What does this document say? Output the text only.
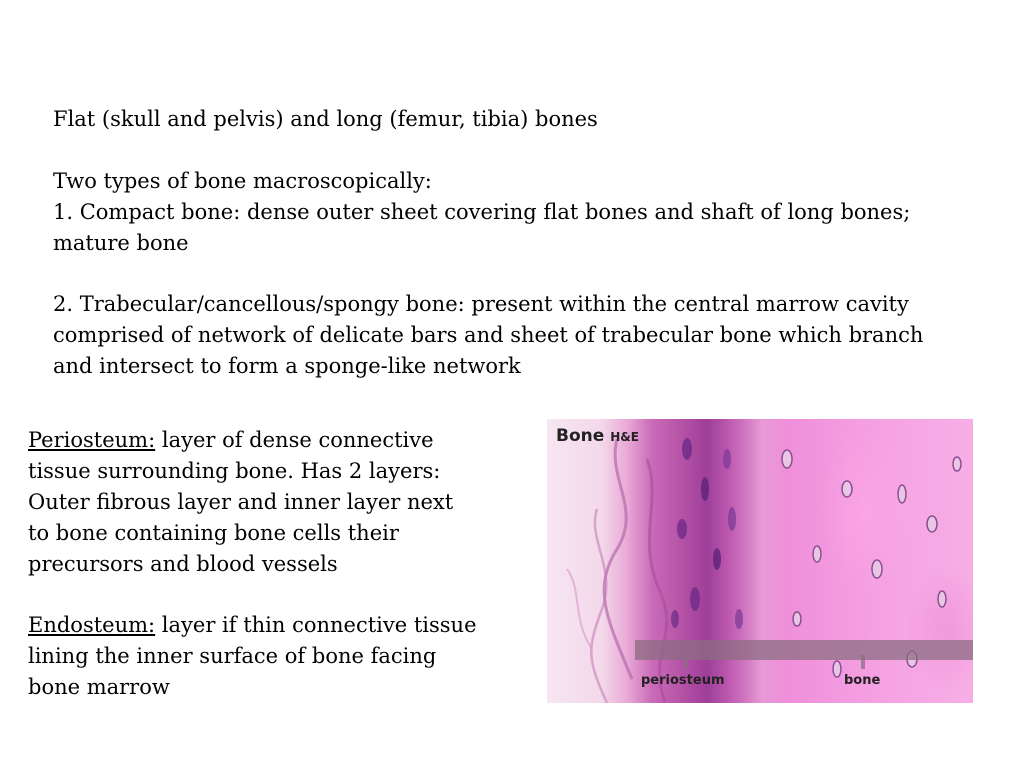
Flat (skull and pelvis) and long (femur, tibia) bones

Two types of bone macroscopically:

1. Compact bone: dense outer sheet covering flat bones and shaft of long bones;

mature bone

2. Trabecular/cancellous/spongy bone: present within the central marrow cavity

comprised of network of delicate bars and sheet of trabecular bone which branch

and intersect to form a sponge-like network

Periosteum: layer of dense connective

tissue surrounding bone. Has 2 layers:

Outer fibrous layer and inner layer next

to bone containing bone cells their

precursors and blood vessels

Endosteum: layer if thin connective tissue

lining the inner surface of bone facing

bone marrow

Bone H&E
periosteum	bone
